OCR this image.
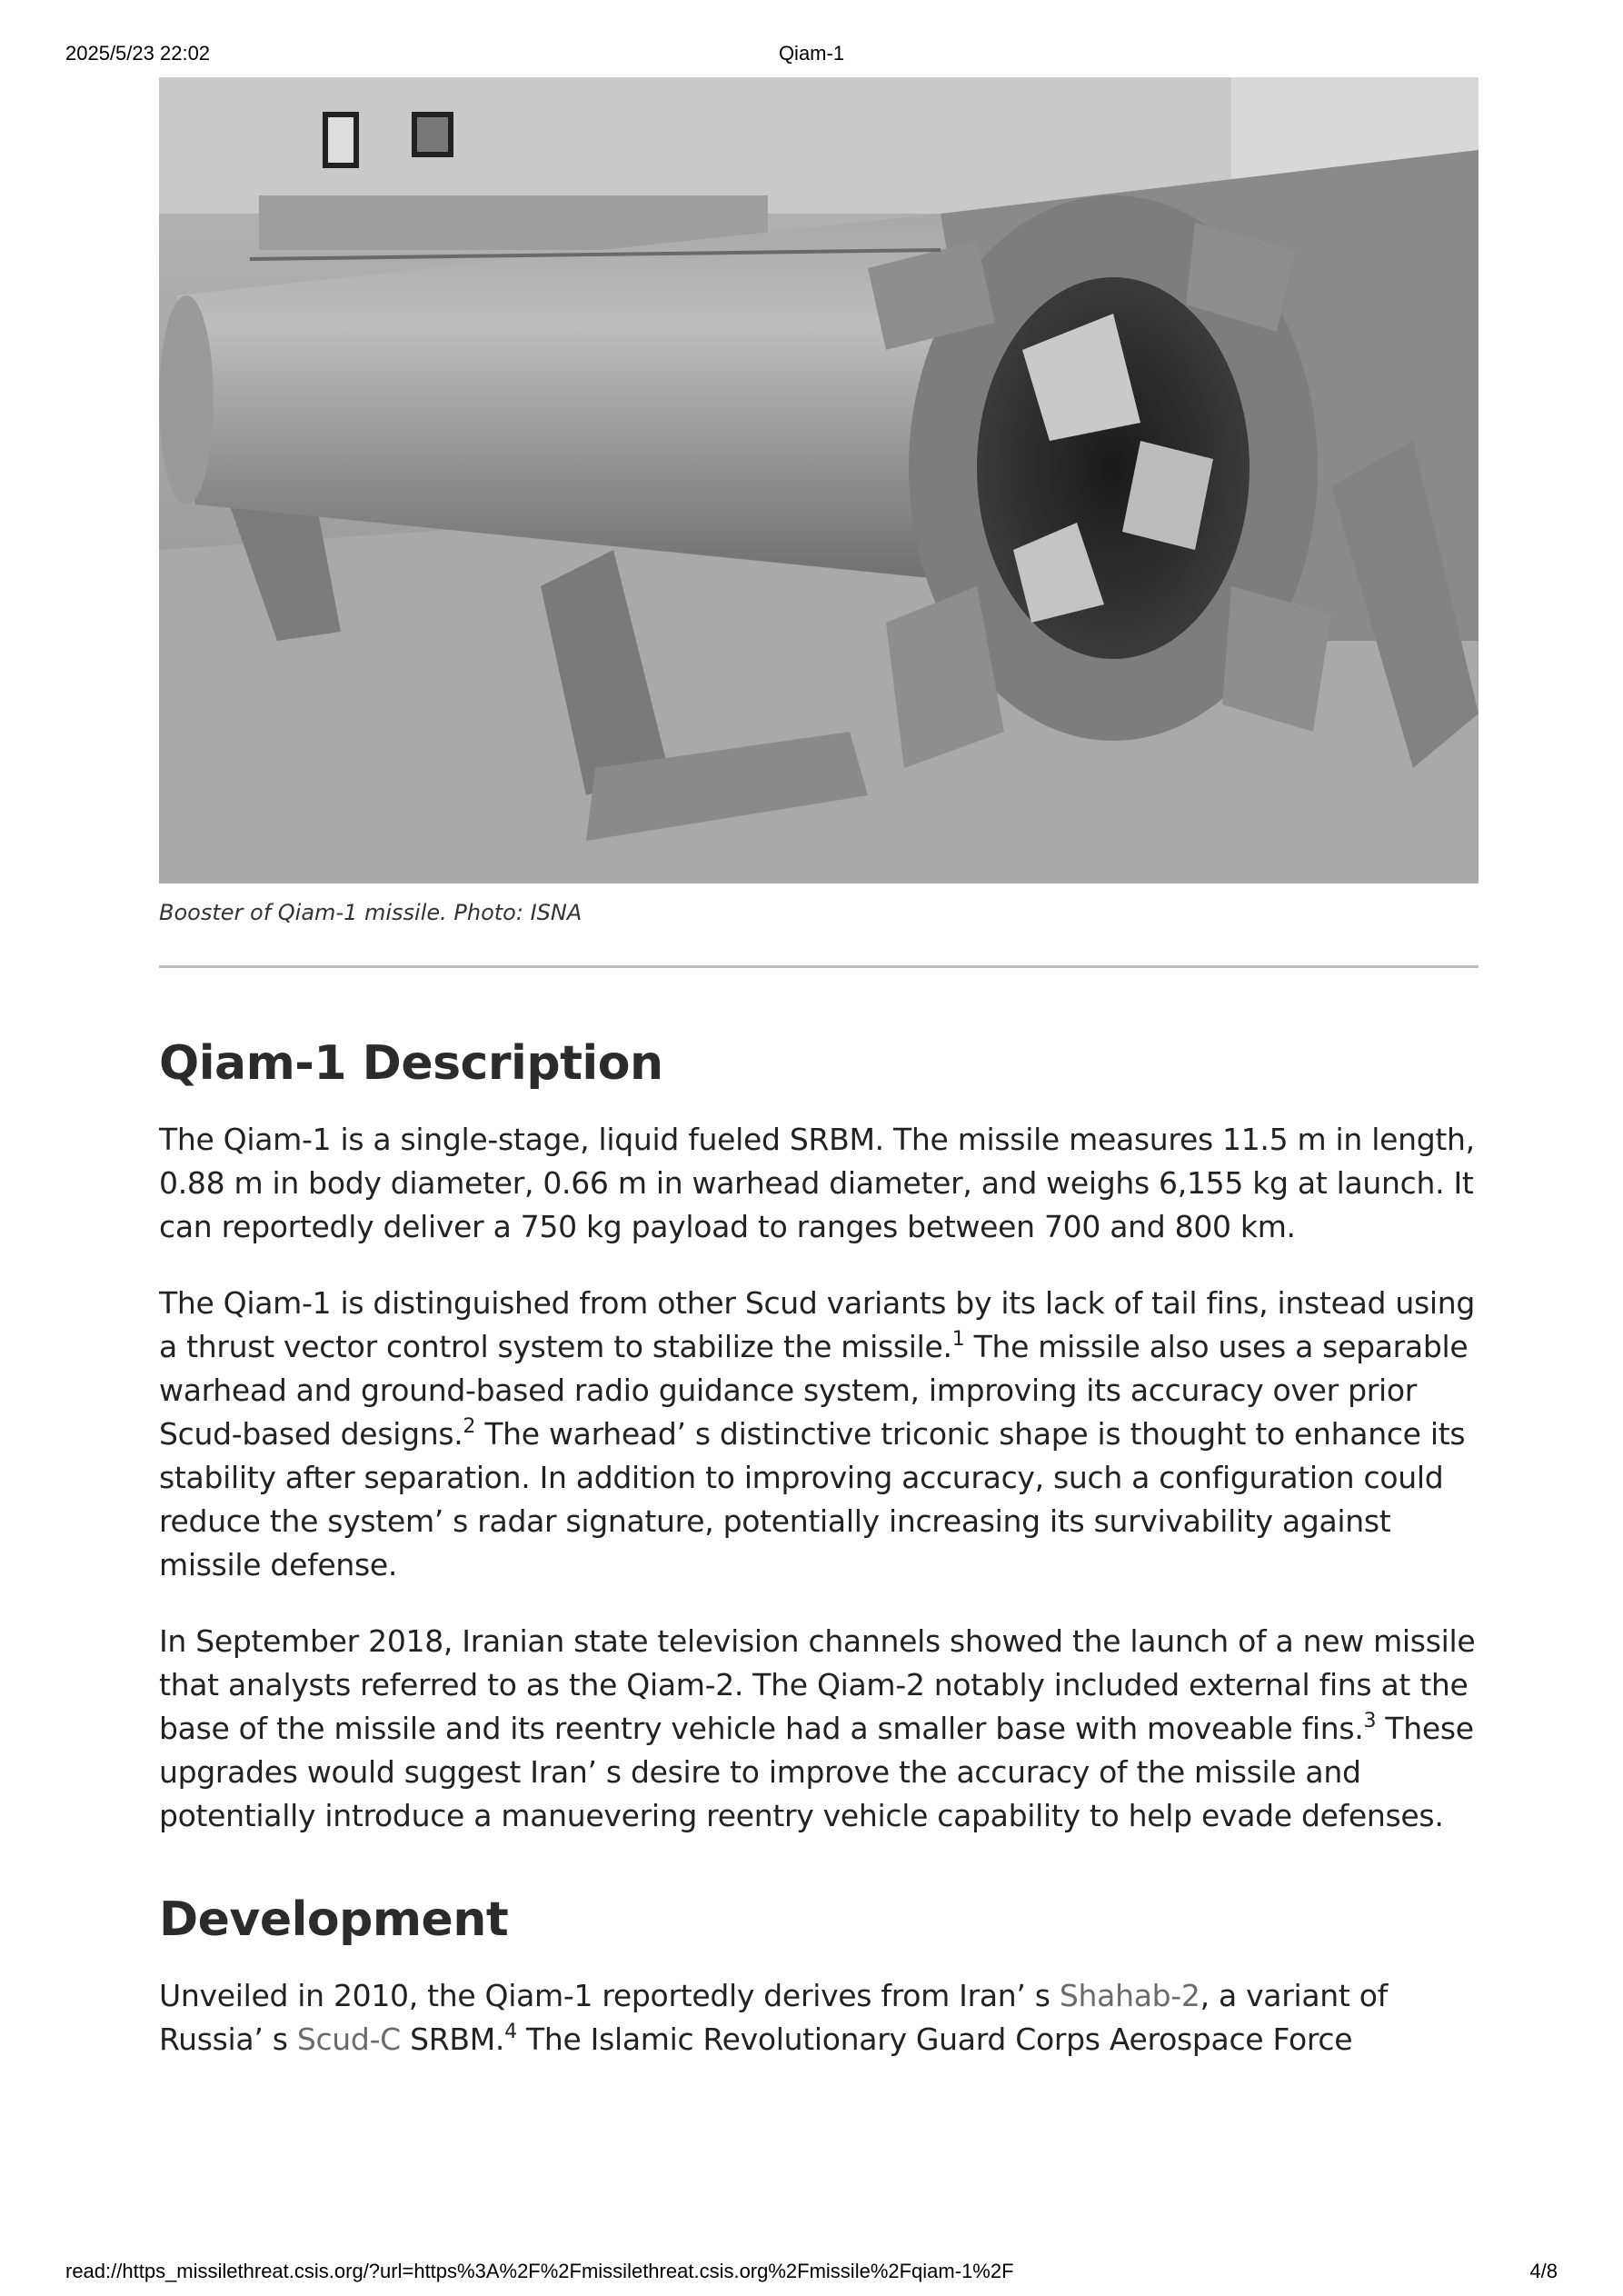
2025/5/23 22:02	Qiam-1
Booster of Qiam-1 missile. Photo: ISNA
Qiam-1 Description

The Qiam-1 is a single-stage, liquid fueled SRBM. The missile measures 11.5 m in length, 0.88 m in body diameter, 0.66 m in warhead diameter, and weighs 6,155 kg at launch. It can reportedly deliver a 750 kg payload to ranges between 700 and 800 km.

The Qiam-1 is distinguished from other Scud variants by its lack of tail fins, instead using a thrust vector control system to stabilize the missile.$^1$ The missile also uses a separable warhead and ground-based radio guidance system, improving its accuracy over prior Scud-based designs.$^2$ The warhead’ s distinctive triconic shape is thought to enhance its stability after separation. In addition to improving accuracy, such a configuration could reduce the system’ s radar signature, potentially increasing its survivability against missile defense.

In September 2018, Iranian state television channels showed the launch of a new missile that analysts referred to as the Qiam-2. The Qiam-2 notably included external fins at the base of the missile and its reentry vehicle had a smaller base with moveable fins.$^3$ These upgrades would suggest Iran’ s desire to improve the accuracy of the missile and potentially introduce a manuevering reentry vehicle capability to help evade defenses.

Development

Unveiled in 2010, the Qiam-1 reportedly derives from Iran’ s Shahab-2, a variant of Russia’ s Scud-C SRBM.$^4$ The Islamic Revolutionary Guard Corps Aerospace Force

read://https_missilethreat.csis.org/?url=https%3A%2F%2Fmissilethreat.csis.org%2Fmissile%2Fqiam-1%2F	4/8
